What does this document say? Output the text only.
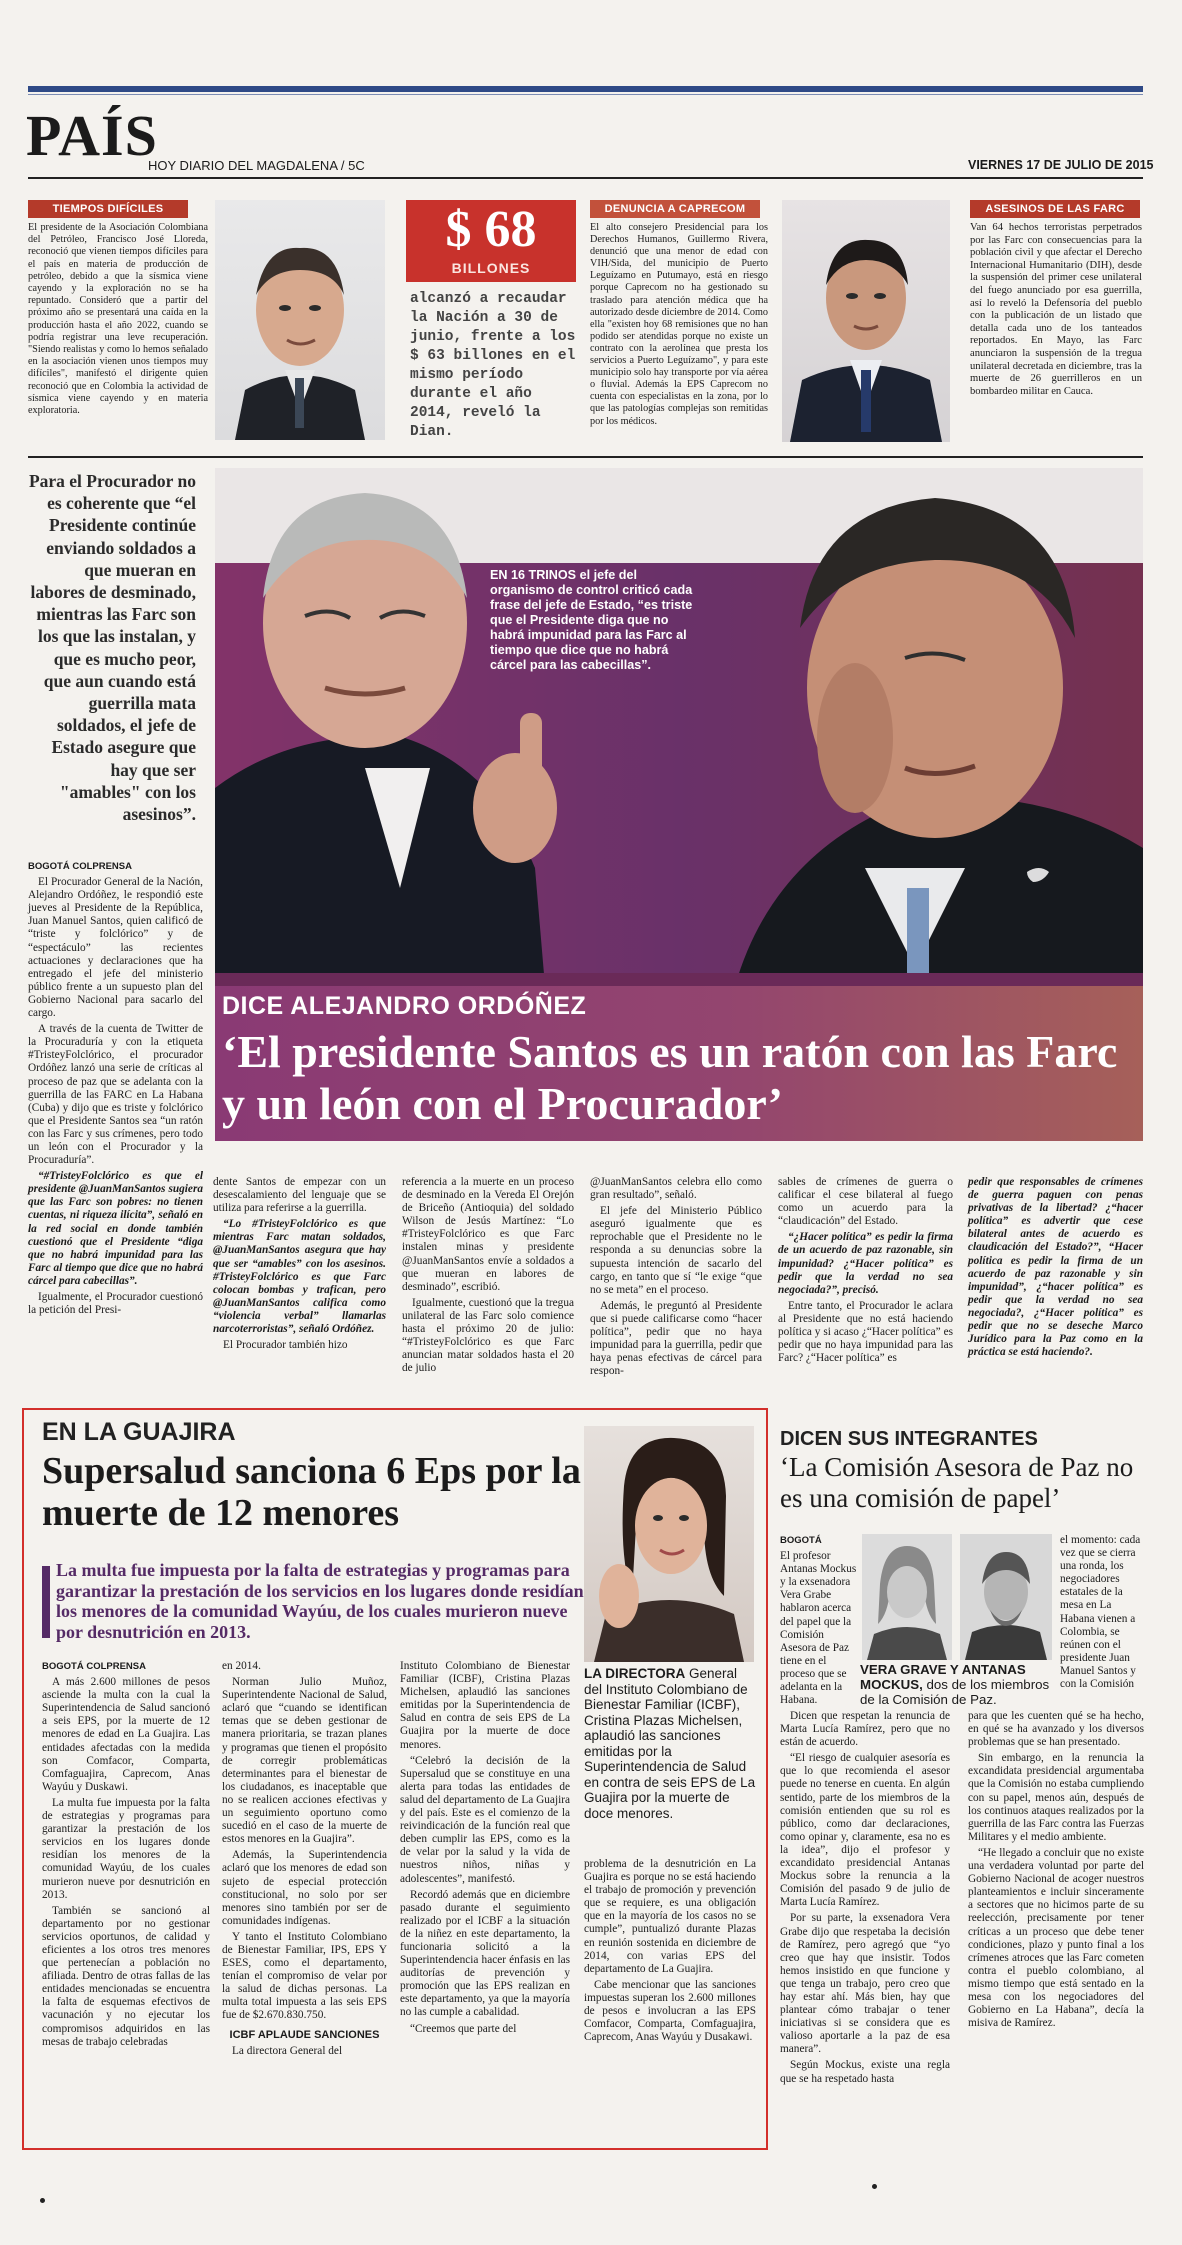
PAÍS
HOY DIARIO DEL MAGDALENA / 5C	VIERNES 17 DE JULIO DE 2015
TIEMPOS DIFÍCILES

El presidente de la Asociación Colombiana del Petróleo, Francisco José Lloreda, reconoció que vienen tiempos difíciles para el país en materia de producción de petróleo, debido a que la sísmica viene cayendo y la exploración no se ha repuntado. Consideró que a partir del próximo año se presentará una caída en la producción hasta el año 2022, cuando se podría registrar una leve recuperación. "Siendo realistas y como lo hemos señalado en la asociación vienen unos tiempos muy difíciles", manifestó el dirigente quien reconoció que en Colombia la actividad de sísmica viene cayendo y en materia exploratoria.

$ 68
BILLONES
alcanzó a recaudar la Nación a 30 de junio, frente a los $ 63 billones en el mismo período durante el año 2014, reveló la Dian.
DENUNCIA A CAPRECOM

El alto consejero Presidencial para los Derechos Humanos, Guillermo Rivera, denunció que una menor de edad con VIH/Sida, del municipio de Puerto Leguízamo en Putumayo, está en riesgo porque Caprecom no ha gestionado su traslado para atención médica que ha autorizado desde diciembre de 2014. Como ella "existen hoy 68 remisiones que no han podido ser atendidas porque no existe un contrato con la aerolínea que presta los servicios a Puerto Leguízamo", y para este municipio solo hay transporte por vía aérea o fluvial. Además la EPS Caprecom no cuenta con especialistas en la zona, por lo que las patologías complejas son remitidas por los médicos.

ASESINOS DE LAS FARC

Van 64 hechos terroristas perpetrados por las Farc con consecuencias para la población civil y que afectar el Derecho Internacional Humanitario (DIH), desde la suspensión del primer cese unilateral del fuego anunciado por esa guerrilla, así lo reveló la Defensoría del pueblo con la publicación de un listado que detalla cada uno de los tanteados reportados. En Mayo, las Farc anunciaron la suspensión de la tregua unilateral decretada en diciembre, tras la muerte de 26 guerrilleros en un bombardeo militar en Cauca.

Para el Procurador no es coherente que “el Presidente continúe enviando soldados a que mueran en labores de desminado, mientras las Farc son los que las instalan, y que es mucho peor, que aun cuando está guerrilla mata soldados, el jefe de Estado asegure que hay que ser "amables" con los asesinos”.
EN 16 TRINOS el jefe del organismo de control criticó cada frase del jefe de Estado, “es triste que el Presidente diga que no habrá impunidad para las Farc al tiempo que dice que no habrá cárcel para las cabecillas”.
DICE ALEJANDRO ORDÓÑEZ
‘El presidente Santos es un ratón con las Farc y un león con el Procurador’

BOGOTÁ COLPRENSA

El Procurador General de la Nación, Alejandro Ordóñez, le respondió este jueves al Presidente de la República, Juan Manuel Santos, quien calificó de “triste y folclórico” y de “espectáculo” las recientes actuaciones y declaraciones que ha entregado el jefe del ministerio público frente a un supuesto plan del Gobierno Nacional para sacarlo del cargo.

A través de la cuenta de Twitter de la Procuraduría y con la etiqueta #TristeyFolclórico, el procurador Ordóñez lanzó una serie de críticas al proceso de paz que se adelanta con la guerrilla de las FARC en La Habana (Cuba) y dijo que es triste y folclórico que el Presidente Santos sea “un ratón con las Farc y sus crímenes, pero todo un león con el Procurador y la Procuraduría”.

“#TristeyFolclórico es que el presidente @JuanManSantos sugiera que las Farc son pobres: no tienen cuentas, ni riqueza ilícita”, señaló en la red social en donde también cuestionó que el Presidente “diga que no habrá impunidad para las Farc al tiempo que dice que no habrá cárcel para cabecillas”.

Igualmente, el Procurador cuestionó la petición del Presi-

dente Santos de empezar con un desescalamiento del lenguaje que se utiliza para referirse a la guerrilla.

“Lo #TristeyFolclórico es que mientras Farc matan soldados, @JuanManSantos asegura que hay que ser “amables” con los asesinos. #TristeyFolclórico es que Farc colocan bombas y trafican, pero @JuanManSantos califica como “violencia verbal” llamarlas narcoterroristas”, señaló Ordóñez.

El Procurador también hizo

referencia a la muerte en un proceso de desminado en la Vereda El Orejón de Briceño (Antioquia) del soldado Wilson de Jesús Martínez: “Lo #TristeyFolclórico es que Farc instalen minas y presidente @JuanManSantos envíe a soldados a que mueran en labores de desminado”, escribió.

Igualmente, cuestionó que la tregua unilateral de las Farc solo comience hasta el próximo 20 de julio: “#TristeyFolclórico es que Farc anuncian matar soldados hasta el 20 de julio

@JuanManSantos celebra ello como gran resultado”, señaló.

El jefe del Ministerio Público aseguró igualmente que es reprochable que el Presidente no le responda a su denuncias sobre la supuesta intención de sacarlo del cargo, en tanto que sí “le exige “que no se meta” en el proceso.

Además, le preguntó al Presidente que si puede calificarse como “hacer política”, pedir que no haya impunidad para la guerrilla, pedir que haya penas efectivas de cárcel para respon-

sables de crímenes de guerra o calificar el cese bilateral al fuego como un acuerdo para la “claudicación” del Estado.

“¿Hacer política” es pedir la firma de un acuerdo de paz razonable, sin impunidad? ¿“Hacer política” es pedir que la verdad no sea negociada?”, precisó.

Entre tanto, el Procurador le aclara al Presidente que no está haciendo política y si acaso ¿“Hacer política” es pedir que no haya impunidad para las Farc? ¿“Hacer política” es

pedir que responsables de crímenes de guerra paguen con penas privativas de la libertad? ¿“hacer política” es advertir que cese bilateral antes de acuerdo es claudicación del Estado?”, “Hacer política es pedir la firma de un acuerdo de paz razonable y sin impunidad”, ¿“hacer política” es pedir que la verdad no sea negociada?, ¿“Hacer política” es pedir que no se deseche Marco Jurídico para la Paz como en la práctica se está haciendo?.

EN LA GUAJIRA
Supersalud sanciona 6 Eps por la muerte de 12 menores
La multa fue impuesta por la falta de estrategias y programas para garantizar la prestación de los servicios en los lugares donde residían los menores de la comunidad Wayúu, de los cuales murieron nueve por desnutrición en 2013.
LA DIRECTORA General del Instituto Colombiano de Bienestar Familiar (ICBF), Cristina Plazas Michelsen, aplaudió las sanciones emitidas por la Superintendencia de Salud en contra de seis EPS de La Guajira por la muerte de doce menores.

BOGOTÁ COLPRENSA

A más 2.600 millones de pesos asciende la multa con la cual la Superintendencia de Salud sancionó a seis EPS, por la muerte de 12 menores de edad en La Guajira. Las entidades afectadas con la medida son Comfacor, Comparta, Comfaguajira, Caprecom, Anas Wayúu y Duskawi.

La multa fue impuesta por la falta de estrategias y programas para garantizar la prestación de los servicios en los lugares donde residían los menores de la comunidad Wayúu, de los cuales murieron nueve por desnutrición en 2013.

También se sancionó al departamento por no gestionar servicios oportunos, de calidad y eficientes a los otros tres menores que pertenecían a población no afiliada. Dentro de otras fallas de las entidades mencionadas se encuentra la falta de esquemas efectivos de vacunación y no ejecutar los compromisos adquiridos en las mesas de trabajo celebradas

en 2014.

Norman Julio Muñoz, Superintendente Nacional de Salud, aclaró que “cuando se identifican temas que se deben gestionar de manera prioritaria, se trazan planes y programas que tienen el propósito de corregir problemáticas determinantes para el bienestar de los ciudadanos, es inaceptable que no se realicen acciones efectivas y un seguimiento oportuno como sucedió en el caso de la muerte de estos menores en la Guajira”.

Además, la Superintendencia aclaró que los menores de edad son sujeto de especial protección constitucional, no solo por ser menores sino también por ser de comunidades indígenas.

Y tanto el Instituto Colombiano de Bienestar Familiar, IPS, EPS Y ESES, como el departamento, tenían el compromiso de velar por la salud de dichas personas. La multa total impuesta a las seis EPS fue de $2.670.830.750.

ICBF APLAUDE SANCIONES

La directora General del

Instituto Colombiano de Bienestar Familiar (ICBF), Cristina Plazas Michelsen, aplaudió las sanciones emitidas por la Superintendencia de Salud en contra de seis EPS de La Guajira por la muerte de doce menores.

“Celebró la decisión de la Supersalud que se constituye en una alerta para todas las entidades de salud del departamento de La Guajira y del país. Este es el comienzo de la reivindicación de la función real que deben cumplir las EPS, como es la de velar por la salud y la vida de nuestros niños, niñas y adolescentes”, manifestó.

Recordó además que en diciembre pasado durante el seguimiento realizado por el ICBF a la situación de la niñez en este departamento, la funcionaria solicitó a la Superintendencia hacer énfasis en las auditorías de prevención y promoción que las EPS realizan en este departamento, ya que la mayoría no las cumple a cabalidad.

“Creemos que parte del

problema de la desnutrición en La Guajira es porque no se está haciendo el trabajo de promoción y prevención que se requiere, es una obligación que en la mayoría de los casos no se cumple”, puntualizó durante Plazas en reunión sostenida en diciembre de 2014, con varias EPS del departamento de La Guajira.

Cabe mencionar que las sanciones impuestas superan los 2.600 millones de pesos e involucran a las EPS Comfacor, Comparta, Comfaguajira, Caprecom, Anas Wayúu y Dusakawi.

DICEN SUS INTEGRANTES
‘La Comisión Asesora de Paz no es una comisión de papel’

BOGOTÁ

El profesor Antanas Mockus y la exsenadora Vera Grabe hablaron acerca del papel que la Comisión Asesora de Paz tiene en el proceso que se adelanta en la Habana.

VERA GRAVE Y ANTANAS MOCKUS, dos de los miembros de la Comisión de Paz.

el momento: cada vez que se cierra una ronda, los negociadores estatales de la mesa en La Habana vienen a Colombia, se reúnen con el presidente Juan Manuel Santos y con la Comisión

Dicen que respetan la renuncia de Marta Lucía Ramírez, pero que no están de acuerdo.

“El riesgo de cualquier asesoría es que lo que recomienda el asesor puede no tenerse en cuenta. En algún sentido, parte de los miembros de la comisión entienden que su rol es público, como dar declaraciones, como opinar y, claramente, esa no es la idea”, dijo el profesor y excandidato presidencial Antanas Mockus sobre la renuncia a la Comisión del pasado 9 de julio de Marta Lucía Ramírez.

Por su parte, la exsenadora Vera Grabe dijo que respetaba la decisión de Ramírez, pero agregó que “yo creo que hay que insistir. Todos hemos insistido en que funcione y que tenga un trabajo, pero creo que hay estar ahí. Más bien, hay que plantear cómo trabajar o tener iniciativas si se considera que es valioso aportarle a la paz de esa manera”.

Según Mockus, existe una regla que se ha respetado hasta

para que les cuenten qué se ha hecho, en qué se ha avanzado y los diversos problemas que se han presentado.

Sin embargo, en la renuncia la excandidata presidencial argumentaba que la Comisión no estaba cumpliendo con su papel, menos aún, después de los continuos ataques realizados por la guerrilla de las Farc contra las Fuerzas Militares y el medio ambiente.

“He llegado a concluir que no existe una verdadera voluntad por parte del Gobierno Nacional de acoger nuestros planteamientos e incluir sinceramente a sectores que no hicimos parte de su reelección, precisamente por tener críticas a un proceso que debe tener condiciones, plazo y punto final a los crímenes atroces que las Farc cometen contra el pueblo colombiano, al mismo tiempo que está sentado en la mesa con los negociadores del Gobierno en La Habana”, decía la misiva de Ramírez.
